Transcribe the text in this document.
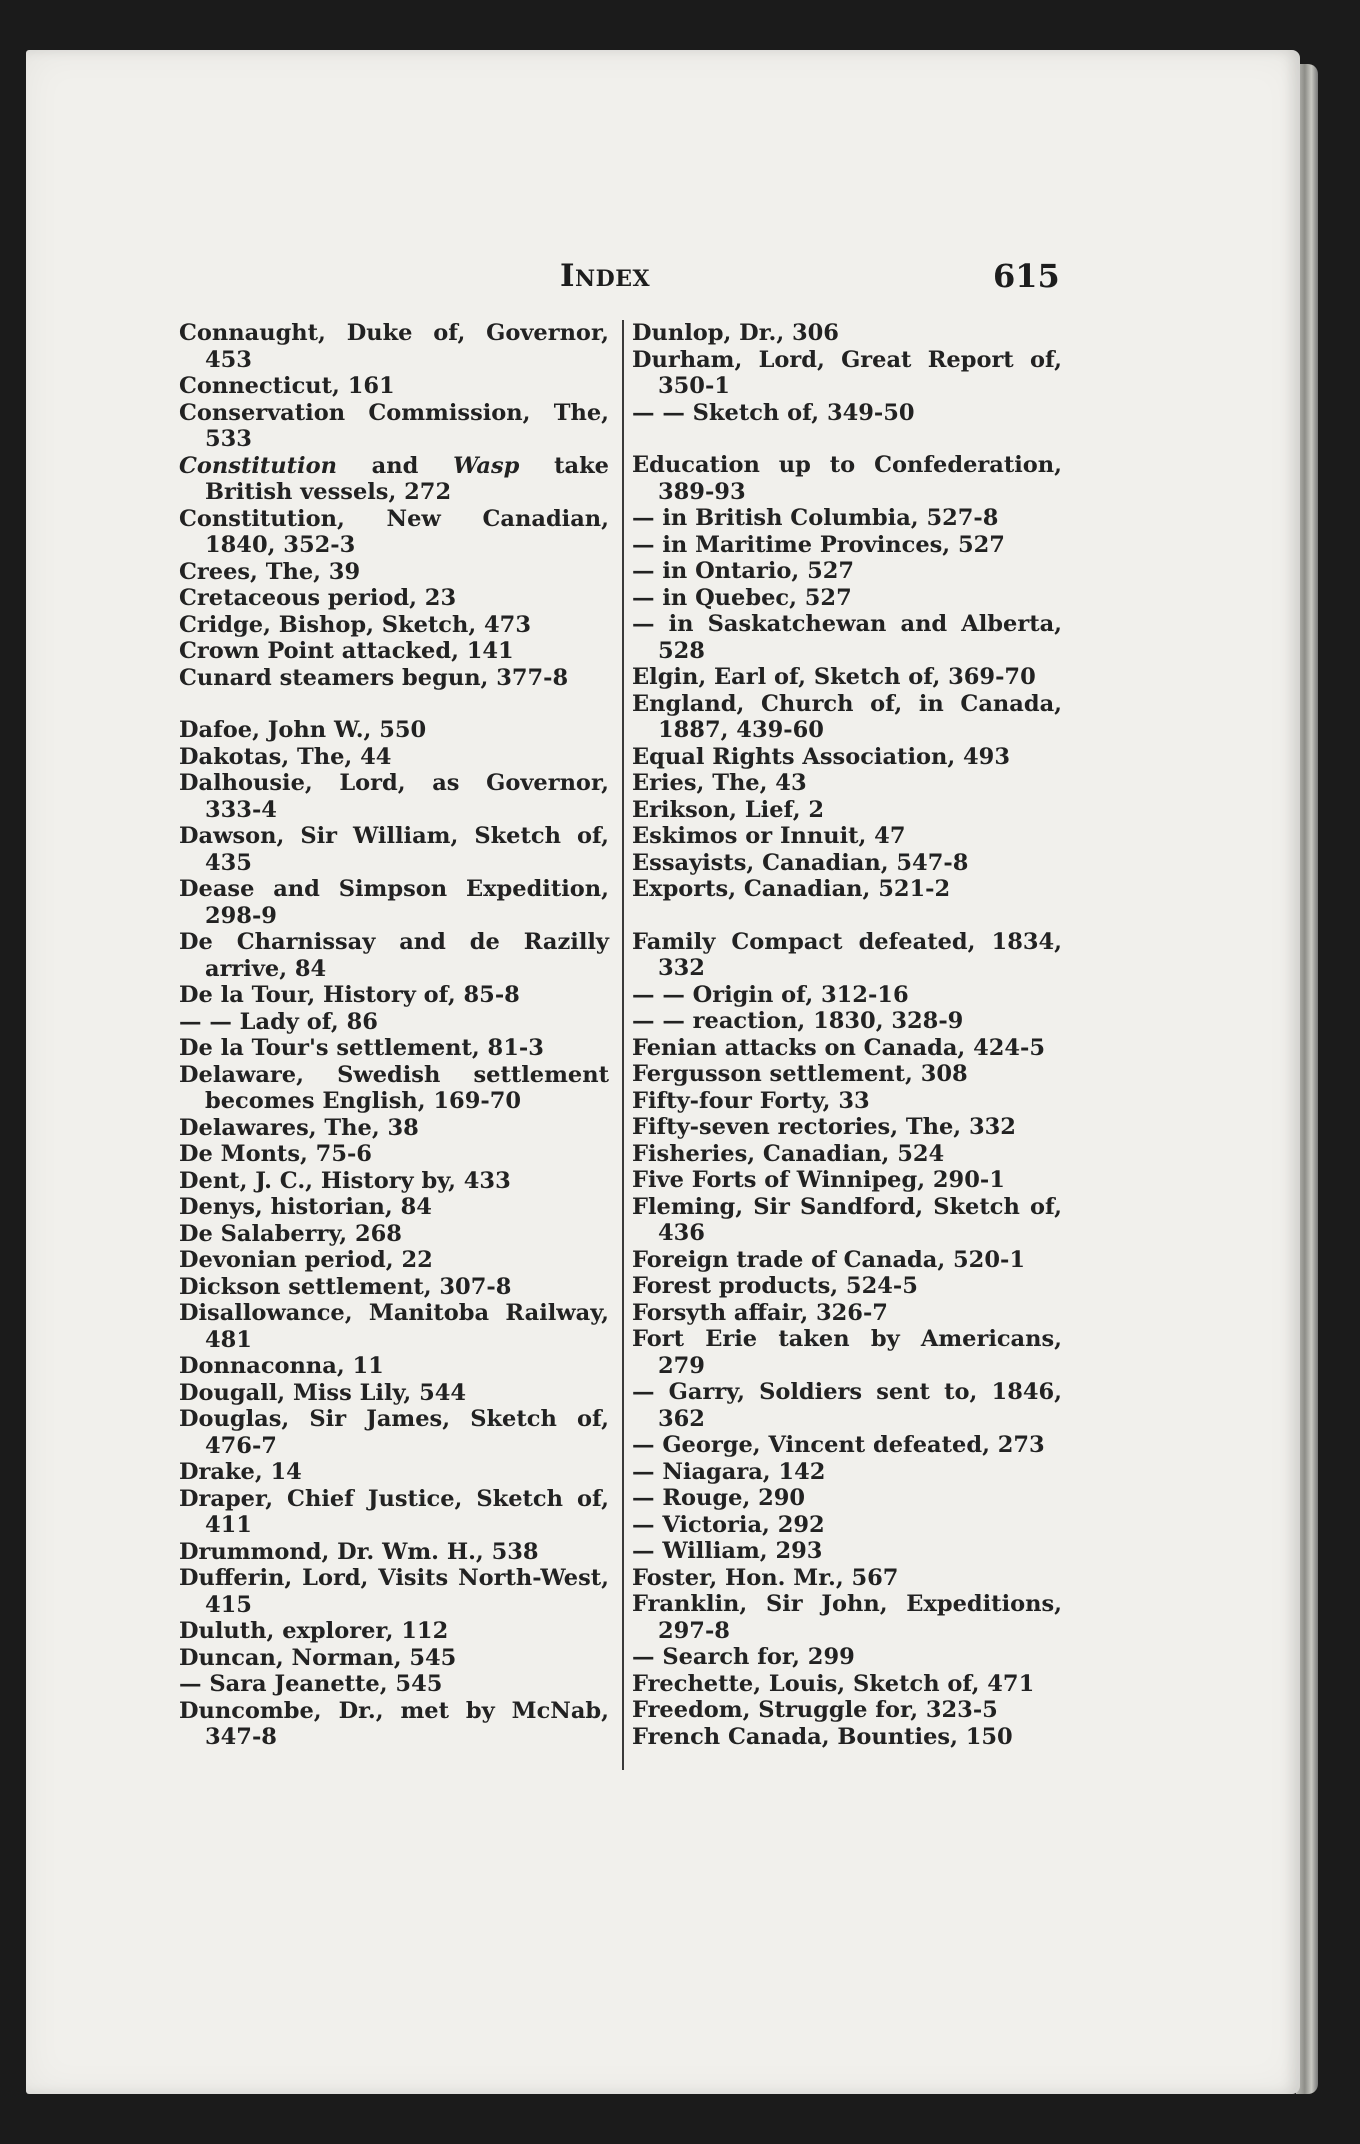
Index	615

Connaught, Duke of, Governor, 453

Connecticut, 161

Conservation Commission, The, 533

Constitution and Wasp take British vessels, 272

Constitution, New Canadian, 1840, 352-3

Crees, The, 39

Cretaceous period, 23

Cridge, Bishop, Sketch, 473

Crown Point attacked, 141

Cunard steamers begun, 377-8

Dafoe, John W., 550

Dakotas, The, 44

Dalhousie, Lord, as Governor, 333-4

Dawson, Sir William, Sketch of, 435

Dease and Simpson Expedition, 298-9

De Charnissay and de Razilly arrive, 84

De la Tour, History of, 85-8

— — Lady of, 86

De la Tour's settlement, 81-3

Delaware, Swedish settlement becomes English, 169-70

Delawares, The, 38

De Monts, 75-6

Dent, J. C., History by, 433

Denys, historian, 84

De Salaberry, 268

Devonian period, 22

Dickson settlement, 307-8

Disallowance, Manitoba Railway, 481

Donnaconna, 11

Dougall, Miss Lily, 544

Douglas, Sir James, Sketch of, 476-7

Drake, 14

Draper, Chief Justice, Sketch of, 411

Drummond, Dr. Wm. H., 538

Dufferin, Lord, Visits North-West, 415

Duluth, explorer, 112

Duncan, Norman, 545

— Sara Jeanette, 545

Duncombe, Dr., met by McNab, 347-8

Dunlop, Dr., 306

Durham, Lord, Great Report of, 350-1

— — Sketch of, 349-50

Education up to Confederation, 389-93

— in British Columbia, 527-8

— in Maritime Provinces, 527

— in Ontario, 527

— in Quebec, 527

— in Saskatchewan and Alberta, 528

Elgin, Earl of, Sketch of, 369-70

England, Church of, in Canada, 1887, 439-60

Equal Rights Association, 493

Eries, The, 43

Erikson, Lief, 2

Eskimos or Innuit, 47

Essayists, Canadian, 547-8

Exports, Canadian, 521-2

Family Compact defeated, 1834, 332

— — Origin of, 312-16

— — reaction, 1830, 328-9

Fenian attacks on Canada, 424-5

Fergusson settlement, 308

Fifty-four Forty, 33

Fifty-seven rectories, The, 332

Fisheries, Canadian, 524

Five Forts of Winnipeg, 290-1

Fleming, Sir Sandford, Sketch of, 436

Foreign trade of Canada, 520-1

Forest products, 524-5

Forsyth affair, 326-7

Fort Erie taken by Americans, 279

— Garry, Soldiers sent to, 1846, 362

— George, Vincent defeated, 273

— Niagara, 142

— Rouge, 290

— Victoria, 292

— William, 293

Foster, Hon. Mr., 567

Franklin, Sir John, Expeditions, 297-8

— Search for, 299

Frechette, Louis, Sketch of, 471

Freedom, Struggle for, 323-5

French Canada, Bounties, 150
